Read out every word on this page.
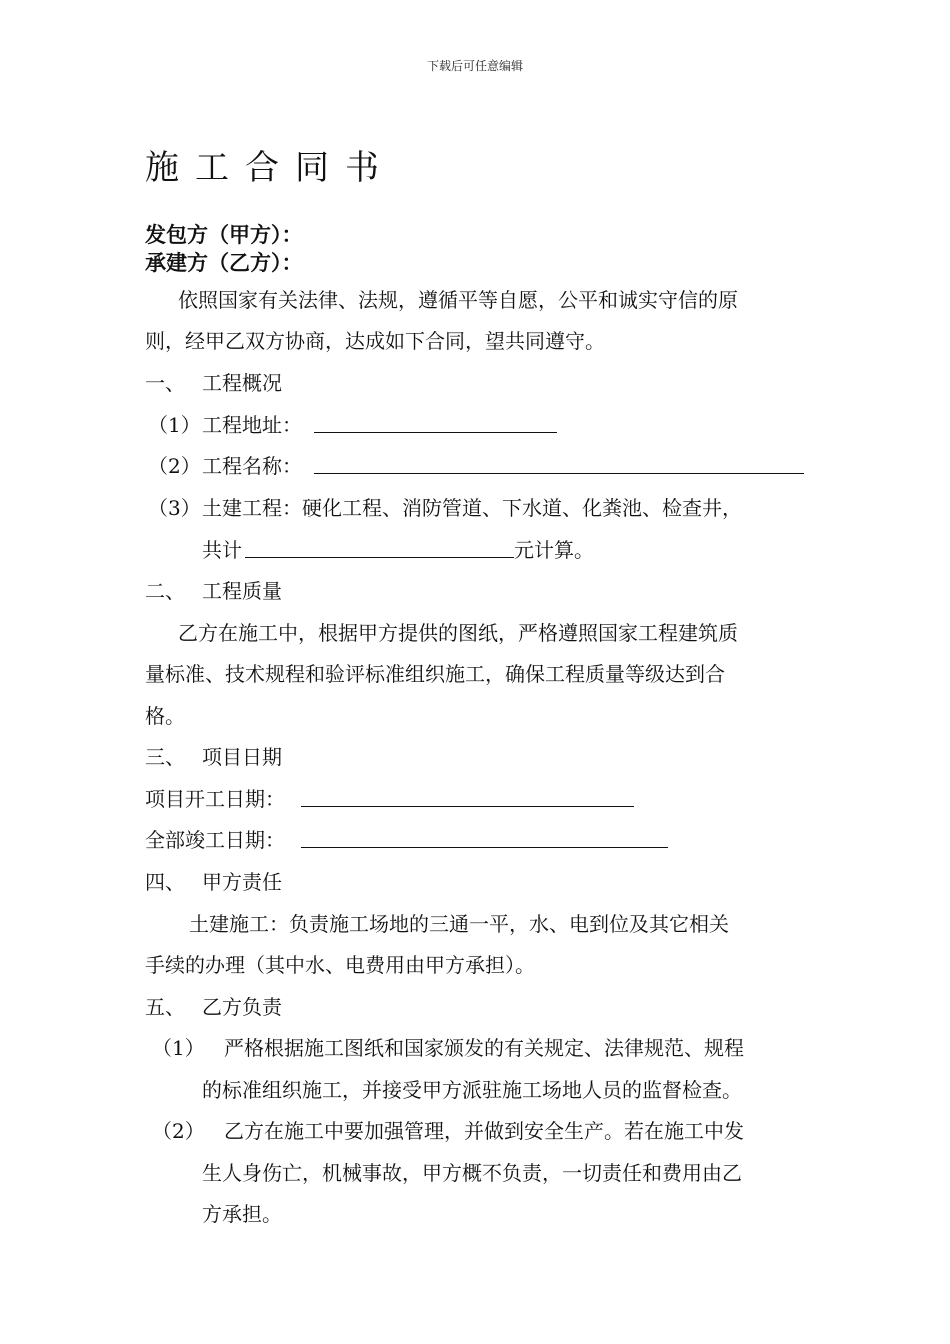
下载后可任意编辑
施工合同书
发包方（甲方）：
承建方（乙方）：
依照国家有关法律、法规，遵循平等自愿，公平和诚实守信的原
则，经甲乙双方协商，达成如下合同，望共同遵守。
一、 工程概况
（1） 工程地址：
（2） 工程名称：
（3） 土建工程：硬化工程、消防管道、下水道、化粪池、检查井，
共计	元计算。
二、 工程质量
乙方在施工中，根据甲方提供的图纸，严格遵照国家工程建筑质
量标准、技术规程和验评标准组织施工，确保工程质量等级达到合
格。
三、 项目日期
项目开工日期：
全部竣工日期：
四、 甲方责任
土建施工：负责施工场地的三通一平，水、电到位及其它相关
手续的办理（其中水、电费用由甲方承担）。
五、 乙方负责
（1） 严格根据施工图纸和国家颁发的有关规定、法律规范、规程
的标准组织施工，并接受甲方派驻施工场地人员的监督检查。
（2） 乙方在施工中要加强管理，并做到安全生产。若在施工中发
生人身伤亡，机械事故，甲方概不负责，一切责任和费用由乙
方承担。
